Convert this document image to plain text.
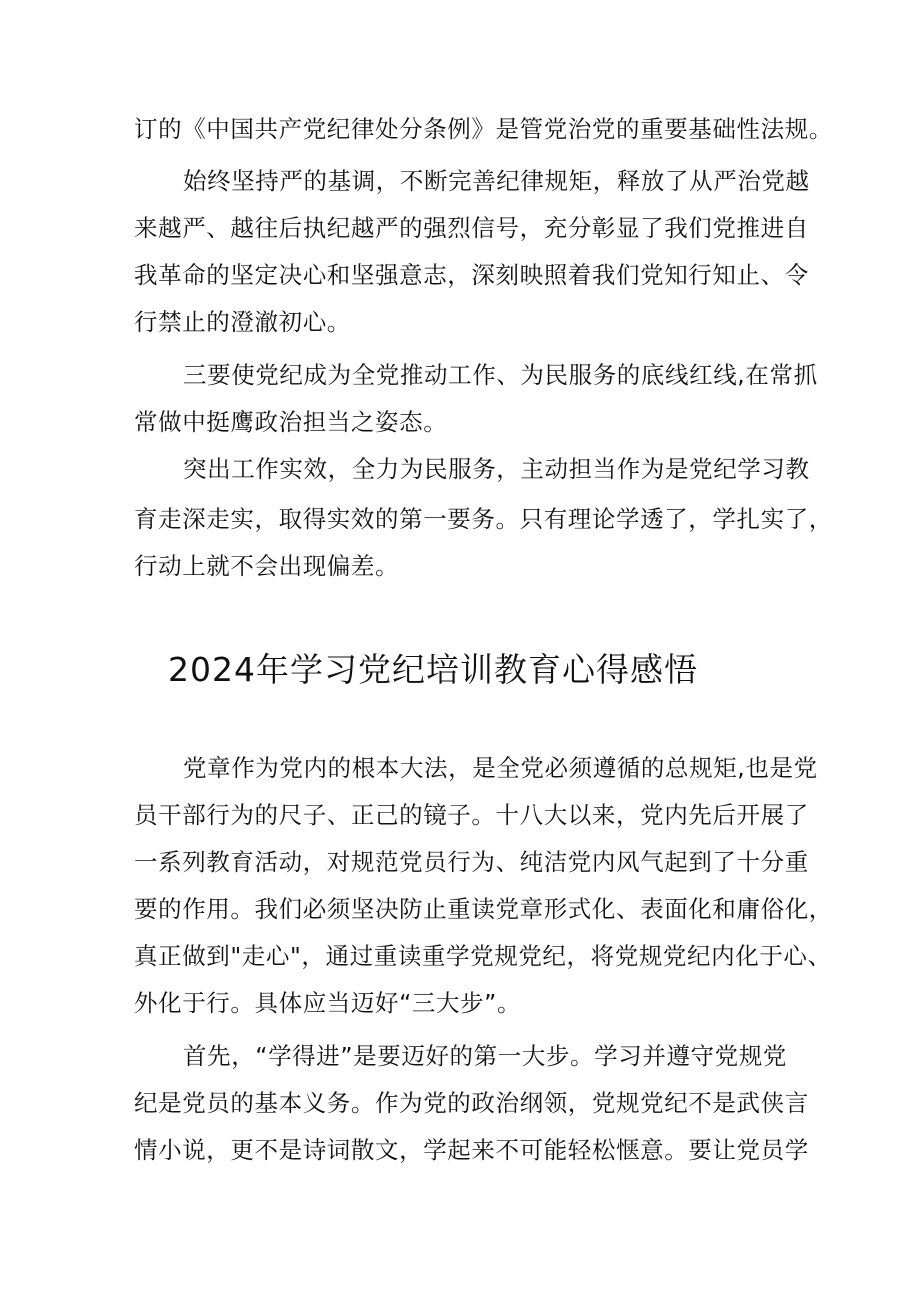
订的《中国共产党纪律处分条例》是管党治党的重要基础性法规。
始终坚持严的基调，不断完善纪律规矩，释放了从严治党越
来越严、越往后执纪越严的强烈信号，充分彰显了我们党推进自
我革命的坚定决心和坚强意志，深刻映照着我们党知行知止、令
行禁止的澄澈初心。
三要使党纪成为全党推动工作、为民服务的底线红线,在常抓
常做中挺鹰政治担当之姿态。
突出工作实效，全力为民服务，主动担当作为是党纪学习教
育走深走实，取得实效的第一要务。只有理论学透了，学扎实了，
行动上就不会出现偏差。
2024年学习党纪培训教育心得感悟
党章作为党内的根本大法，是全党必须遵循的总规矩,也是党
员干部行为的尺子、正己的镜子。十八大以来，党内先后开展了
一系列教育活动，对规范党员行为、纯洁党内风气起到了十分重
要的作用。我们必须坚决防止重读党章形式化、表面化和庸俗化，
真正做到"走心"，通过重读重学党规党纪，将党规党纪内化于心、
外化于行。具体应当迈好“三大步”。
首先，“学得进”是要迈好的第一大步。学习并遵守党规党
纪是党员的基本义务。作为党的政治纲领，党规党纪不是武侠言
情小说，更不是诗词散文，学起来不可能轻松惬意。要让党员学
